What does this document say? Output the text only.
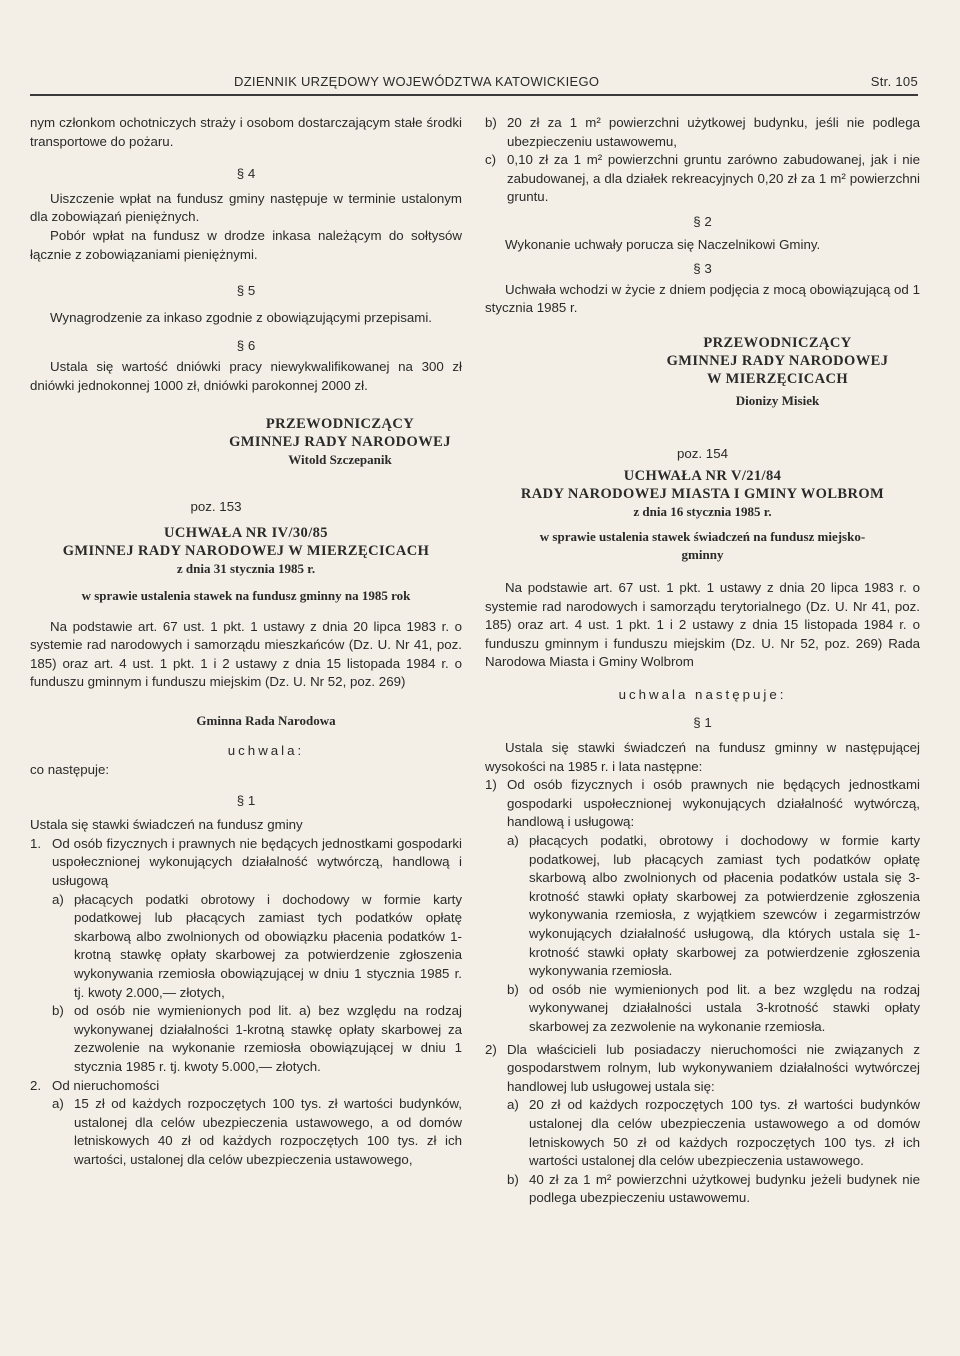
DZIENNIK URZĘDOWY WOJEWÓDZTWA KATOWICKIEGO	Str. 105

nym członkom ochotniczych straży i osobom dostarczającym stałe środki transportowe do pożaru.

§ 4

Uiszczenie wpłat na fundusz gminy następuje w terminie ustalonym dla zobowiązań pieniężnych.

Pobór wpłat na fundusz w drodze inkasa należącym do sołtysów łącznie z zobowiązaniami pieniężnymi.

§ 5

Wynagrodzenie za inkaso zgodnie z obowiązującymi przepisami.

§ 6

Ustala się wartość dniówki pracy niewykwalifikowanej na 300 zł dniówki jednokonnej 1000 zł, dniówki parokonnej 2000 zł.

PRZEWODNICZĄCY
GMINNEJ RADY NARODOWEJ
Witold Szczepanik

poz. 153

UCHWAŁA NR IV/30/85

GMINNEJ RADY NARODOWEJ W MIERZĘCICACH

z dnia 31 stycznia 1985 r.

w sprawie ustalenia stawek na fundusz gminny na 1985 rok

Na podstawie art. 67 ust. 1 pkt. 1 ustawy z dnia 20 lipca 1983 r. o systemie rad narodowych i samorządu mieszkańców (Dz. U. Nr 41, poz. 185) oraz art. 4 ust. 1 pkt. 1 i 2 ustawy z dnia 15 listopada 1984 r. o funduszu gminnym i funduszu miejskim (Dz. U. Nr 52, poz. 269)

Gminna Rada Narodowa

uchwala:

co następuje:

§ 1

Ustala się stawki świadczeń na fundusz gminy

1. Od osób fizycznych i prawnych nie będących jednostkami gospodarki uspołecznionej wykonujących działalność wytwórczą, handlową i usługową
a) płacących podatki obrotowy i dochodowy w formie karty podatkowej lub płacących zamiast tych podatków opłatę skarbową albo zwolnionych od obowiązku płacenia podatków 1-krotną stawkę opłaty skarbowej za potwierdzenie zgłoszenia wykonywania rzemiosła obowiązującej w dniu 1 stycznia 1985 r. tj. kwoty 2.000,— złotych,
b) od osób nie wymienionych pod lit. a) bez względu na rodzaj wykonywanej działalności 1-krotną stawkę opłaty skarbowej za zezwolenie na wykonanie rzemiosła obowiązującej w dniu 1 stycznia 1985 r. tj. kwoty 5.000,— złotych.
2. Od nieruchomości
a) 15 zł od każdych rozpoczętych 100 tys. zł wartości budynków, ustalonej dla celów ubezpieczenia ustawowego, a od domów letniskowych 40 zł od każdych rozpoczętych 100 tys. zł ich wartości, ustalonej dla celów ubezpieczenia ustawowego,
b) 20 zł za 1 m² powierzchni użytkowej budynku, jeśli nie podlega ubezpieczeniu ustawowemu,
c) 0,10 zł za 1 m² powierzchni gruntu zarówno zabudowanej, jak i nie zabudowanej, a dla działek rekreacyjnych 0,20 zł za 1 m² powierzchni gruntu.

§ 2

Wykonanie uchwały porucza się Naczelnikowi Gminy.

§ 3

Uchwała wchodzi w życie z dniem podjęcia z mocą obowiązującą od 1 stycznia 1985 r.

PRZEWODNICZĄCY
GMINNEJ RADY NARODOWEJ
W MIERZĘCICACH
Dionizy Misiek

poz. 154

UCHWAŁA NR V/21/84

RADY NARODOWEJ MIASTA I GMINY WOLBROM

z dnia 16 stycznia 1985 r.

w sprawie ustalenia stawek świadczeń na fundusz miejsko-gminny

Na podstawie art. 67 ust. 1 pkt. 1 ustawy z dnia 20 lipca 1983 r. o systemie rad narodowych i samorządu terytorialnego (Dz. U. Nr 41, poz. 185) oraz art. 4 ust. 1 pkt. 1 i 2 ustawy z dnia 15 listopada 1984 r. o funduszu gminnym i funduszu miejskim (Dz. U. Nr 52, poz. 269) Rada Narodowa Miasta i Gminy Wolbrom

uchwala następuje:

§ 1

Ustala się stawki świadczeń na fundusz gminny w następującej wysokości na 1985 r. i lata następne:

1) Od osób fizycznych i osób prawnych nie będących jednostkami gospodarki uspołecznionej wykonujących działalność wytwórczą, handlową i usługową:
a) płacących podatki, obrotowy i dochodowy w formie karty podatkowej, lub płacących zamiast tych podatków opłatę skarbową albo zwolnionych od płacenia podatków ustala się 3-krotność stawki opłaty skarbowej za potwierdzenie zgłoszenia wykonywania rzemiosła, z wyjątkiem szewców i zegarmistrzów wykonujących działalność usługową, dla których ustala się 1-krotność stawki opłaty skarbowej za potwierdzenie zgłoszenia wykonywania rzemiosła.
b) od osób nie wymienionych pod lit. a bez względu na rodzaj wykonywanej działalności ustala 3-krotność stawki opłaty skarbowej za zezwolenie na wykonanie rzemiosła.
2) Dla właścicieli lub posiadaczy nieruchomości nie związanych z gospodarstwem rolnym, lub wykonywaniem działalności wytwórczej handlowej lub usługowej ustala się:
a) 20 zł od każdych rozpoczętych 100 tys. zł wartości budynków ustalonej dla celów ubezpieczenia ustawowego a od domów letniskowych 50 zł od każdych rozpoczętych 100 tys. zł ich wartości ustalonej dla celów ubezpieczenia ustawowego.
b) 40 zł za 1 m² powierzchni użytkowej budynku jeżeli budynek nie podlega ubezpieczeniu ustawowemu.
